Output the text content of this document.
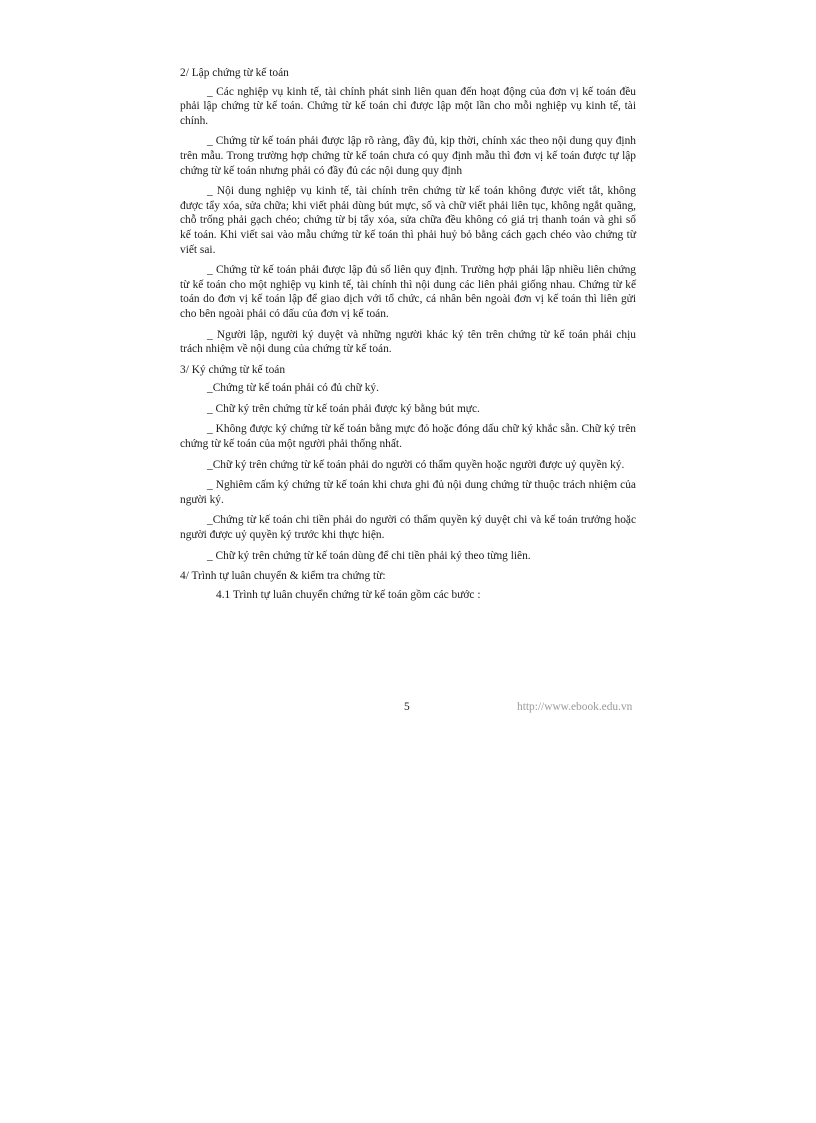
2/ Lập chứng từ kế toán

_ Các nghiệp vụ kinh tế, tài chính phát sinh liên quan đến hoạt động của đơn vị kế toán đều phải lập chứng từ kế toán. Chứng từ kế toán chỉ được lập một lần cho mỗi nghiệp vụ kinh tế, tài chính.

_ Chứng từ kế toán phải được lập rõ ràng, đầy đủ, kịp thời, chính xác theo nội dung quy định trên mẫu. Trong trường hợp chứng từ kế toán chưa có quy định mẫu thì đơn vị kế toán được tự lập chứng từ kế toán nhưng phải có đầy đủ các nội dung quy định

_ Nội dung nghiệp vụ kinh tế, tài chính trên chứng từ kế toán không được viết tắt, không được tẩy xóa, sửa chữa; khi viết phải dùng bút mực, số và chữ viết phải liên tục, không ngắt quãng, chỗ trống phải gạch chéo; chứng từ bị tẩy xóa, sửa chữa đều không có giá trị thanh toán và ghi sổ kế toán. Khi viết sai vào mẫu chứng từ kế toán thì phải huỷ bỏ bằng cách gạch chéo vào chứng từ viết sai.

_ Chứng từ kế toán phải được lập đủ số liên quy định. Trường hợp phải lập nhiều liên chứng từ kế toán cho một nghiệp vụ kinh tế, tài chính thì nội dung các liên phải giống nhau. Chứng từ kế toán do đơn vị kế toán lập để giao dịch với tổ chức, cá nhân bên ngoài đơn vị kế toán thì liên gửi cho bên ngoài phải có dấu của đơn vị kế toán.

_ Người lập, người ký duyệt và những người khác ký tên trên chứng từ kế toán phải chịu trách nhiệm về nội dung của chứng từ kế toán.

3/ Ký chứng từ kế toán

_Chứng từ kế toán phải có đủ chữ ký.

_ Chữ ký trên chứng từ kế toán phải được ký bằng bút mực.

_ Không được ký chứng từ kế toán bằng mực đỏ hoặc đóng dấu chữ ký khắc sẵn. Chữ ký trên chứng từ kế toán của một người phải thống nhất.

_Chữ ký trên chứng từ kế toán phải do người có thẩm quyền hoặc người được uỷ quyền ký.

_ Nghiêm cấm ký chứng từ kế toán khi chưa ghi đủ nội dung chứng từ thuộc trách nhiệm của người ký.

_Chứng từ kế toán chi tiền phải do người có thẩm quyền ký duyệt chi và kế toán trưởng hoặc người được uỷ quyền ký trước khi thực hiện.

_ Chữ ký trên chứng từ kế toán dùng để chi tiền phải ký theo từng liên.

4/ Trình tự luân chuyển & kiểm tra chứng từ:
4.1 Trình tự luân chuyển chứng từ kế toán gồm các bước :
5	http://www.ebook.edu.vn
